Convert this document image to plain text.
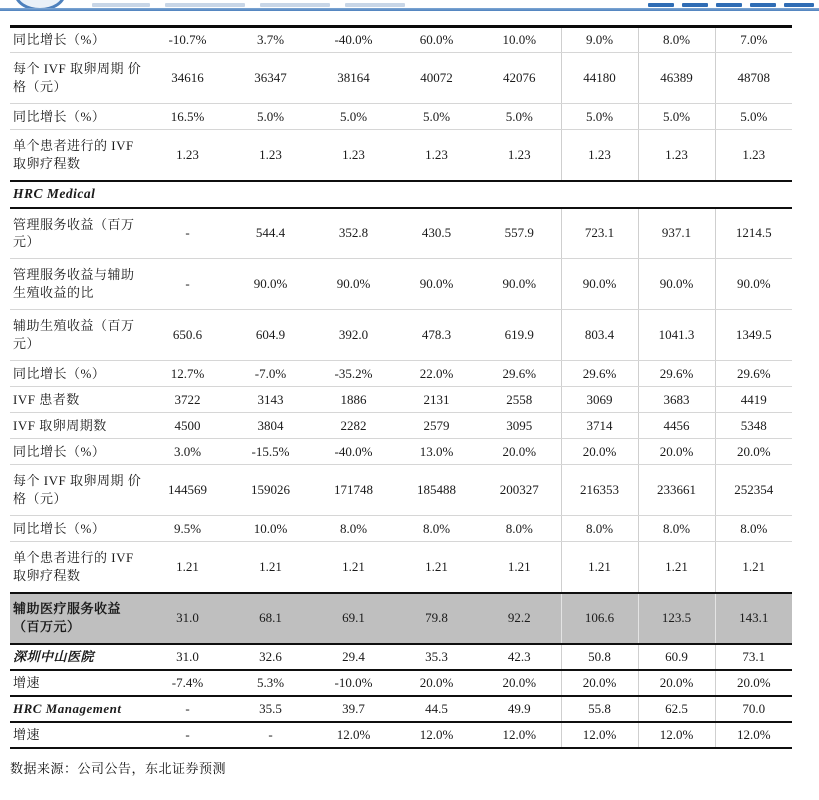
同比增长（%）	-10.7%	3.7%	-40.0%	60.0%	10.0%	9.0%	8.0%	7.0%
每个 IVF 取卵周期 价格（元）	34616	36347	38164	40072	42076	44180	46389	48708
同比增长（%）	16.5%	5.0%	5.0%	5.0%	5.0%	5.0%	5.0%	5.0%
单个患者进行的 IVF 取卵疗程数	1.23	1.23	1.23	1.23	1.23	1.23	1.23	1.23
HRC Medical								
管理服务收益（百万元）	-	544.4	352.8	430.5	557.9	723.1	937.1	1214.5
管理服务收益与辅助生殖收益的比	-	90.0%	90.0%	90.0%	90.0%	90.0%	90.0%	90.0%
辅助生殖收益（百万元）	650.6	604.9	392.0	478.3	619.9	803.4	1041.3	1349.5
同比增长（%）	12.7%	-7.0%	-35.2%	22.0%	29.6%	29.6%	29.6%	29.6%
IVF 患者数	3722	3143	1886	2131	2558	3069	3683	4419
IVF 取卵周期数	4500	3804	2282	2579	3095	3714	4456	5348
同比增长（%）	3.0%	-15.5%	-40.0%	13.0%	20.0%	20.0%	20.0%	20.0%
每个 IVF 取卵周期 价格（元）	144569	159026	171748	185488	200327	216353	233661	252354
同比增长（%）	9.5%	10.0%	8.0%	8.0%	8.0%	8.0%	8.0%	8.0%
单个患者进行的 IVF 取卵疗程数	1.21	1.21	1.21	1.21	1.21	1.21	1.21	1.21
辅助医疗服务收益 （百万元）	31.0	68.1	69.1	79.8	92.2	106.6	123.5	143.1
深圳中山医院	31.0	32.6	29.4	35.3	42.3	50.8	60.9	73.1
增速	-7.4%	5.3%	-10.0%	20.0%	20.0%	20.0%	20.0%	20.0%
HRC Management	-	35.5	39.7	44.5	49.9	55.8	62.5	70.0
增速	-	-	12.0%	12.0%	12.0%	12.0%	12.0%	12.0%
数据来源：公司公告，东北证券预测
